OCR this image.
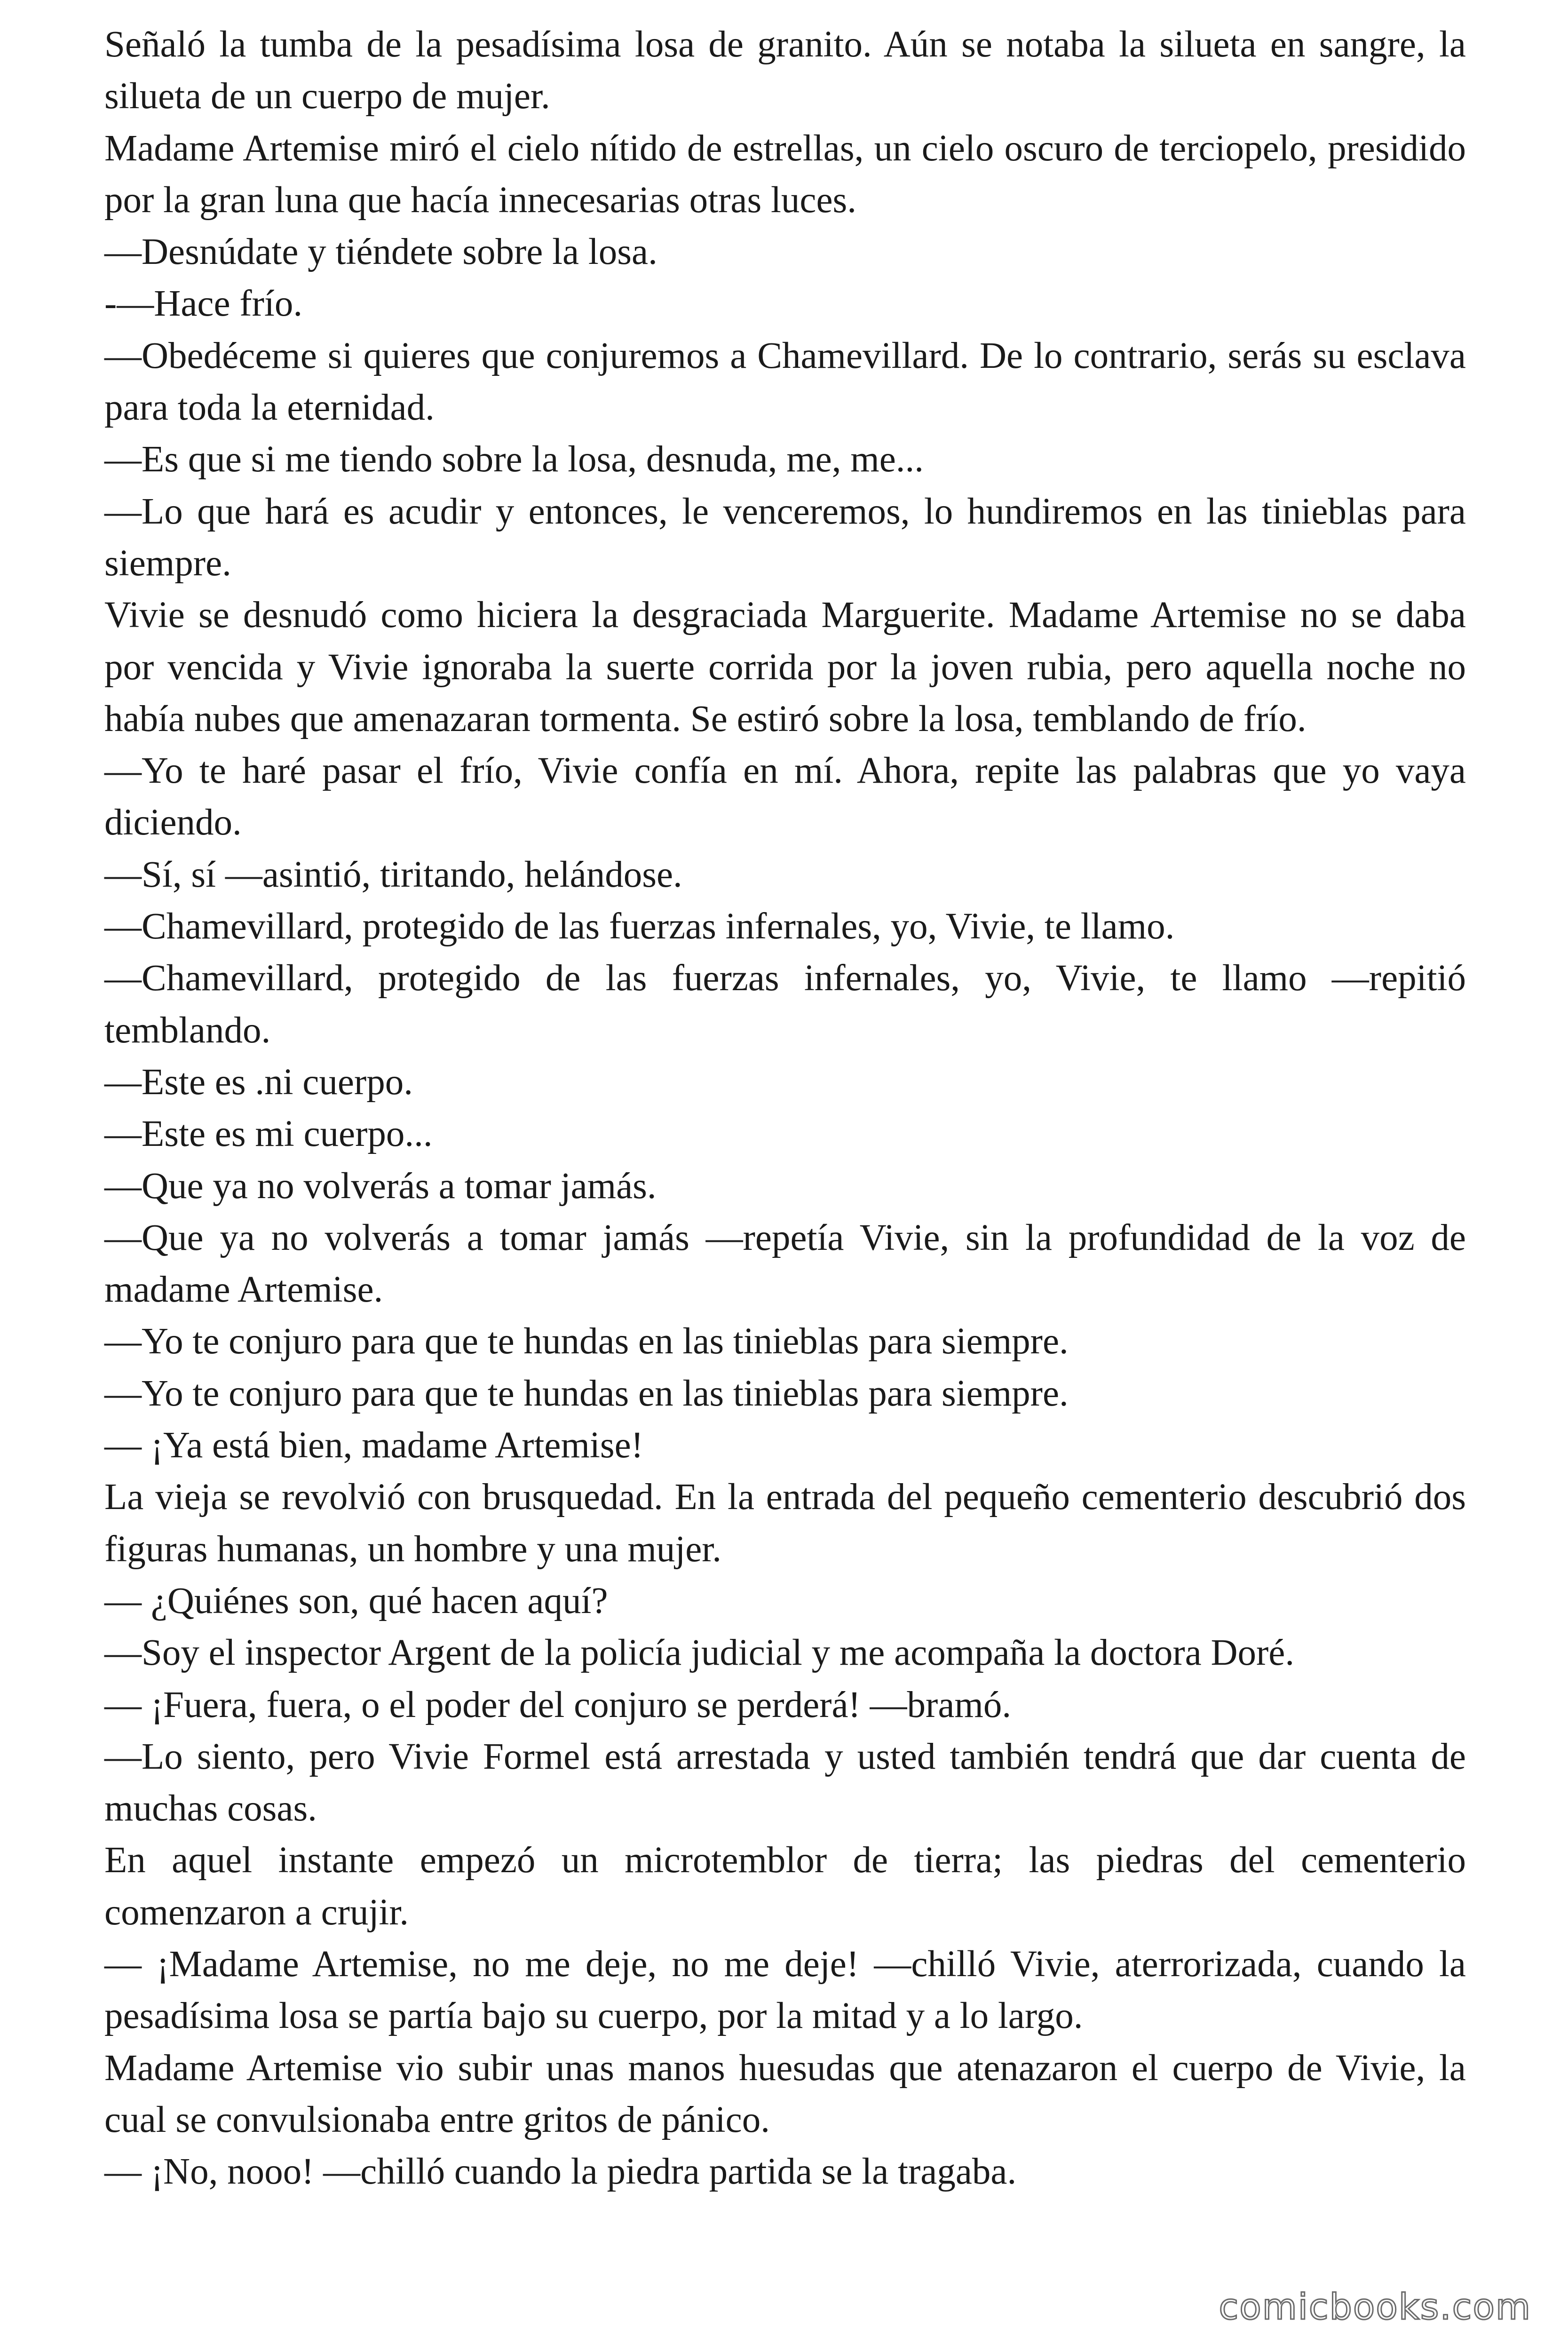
Señaló la tumba de la pesadísima losa de granito. Aún se notaba la silueta en sangre, la silueta de un cuerpo de mujer.

Madame Artemise miró el cielo nítido de estrellas, un cielo oscuro de terciopelo, presidido por la gran luna que hacía innecesarias otras luces.

—Desnúdate y tiéndete sobre la losa.

-—Hace frío.

—Obedéceme si quieres que conjuremos a Chamevillard. De lo contrario, serás su esclava para toda la eternidad.

—Es que si me tiendo sobre la losa, desnuda, me, me...

—Lo que hará es acudir y entonces, le venceremos, lo hundiremos en las tinieblas para siempre.

Vivie se desnudó como hiciera la desgraciada Marguerite. Madame Artemise no se daba por vencida y Vivie ignoraba la suerte corrida por la joven rubia, pero aquella noche no había nubes que amenazaran tormenta. Se estiró sobre la losa, temblando de frío.

—Yo te haré pasar el frío, Vivie confía en mí. Ahora, repite las palabras que yo vaya diciendo.

—Sí, sí —asintió, tiritando, helándose.

—Chamevillard, protegido de las fuerzas infernales, yo, Vivie, te llamo.

—Chamevillard, protegido de las fuerzas infernales, yo, Vivie, te llamo —repitió temblando.

—Este es .ni cuerpo.

—Este es mi cuerpo...

—Que ya no volverás a tomar jamás.

—Que ya no volverás a tomar jamás —repetía Vivie, sin la profundidad de la voz de madame Artemise.

—Yo te conjuro para que te hundas en las tinieblas para siempre.

—Yo te conjuro para que te hundas en las tinieblas para siempre.

— ¡Ya está bien, madame Artemise!

La vieja se revolvió con brusquedad. En la entrada del pequeño cementerio descubrió dos figuras humanas, un hombre y una mujer.

— ¿Quiénes son, qué hacen aquí?

—Soy el inspector Argent de la policía judicial y me acompaña la doctora Doré.

— ¡Fuera, fuera, o el poder del conjuro se perderá! —bramó.

—Lo siento, pero Vivie Formel está arrestada y usted también tendrá que dar cuenta de muchas cosas.

En aquel instante empezó un microtemblor de tierra; las piedras del cementerio comenzaron a crujir.

— ¡Madame Artemise, no me deje, no me deje! —chilló Vivie, aterrorizada, cuando la pesadísima losa se partía bajo su cuerpo, por la mitad y a lo largo.

Madame Artemise vio subir unas manos huesudas que atenazaron el cuerpo de Vivie, la cual se convulsionaba entre gritos de pánico.

— ¡No, nooo! —chilló cuando la piedra partida se la tragaba.

comicbooks.com
